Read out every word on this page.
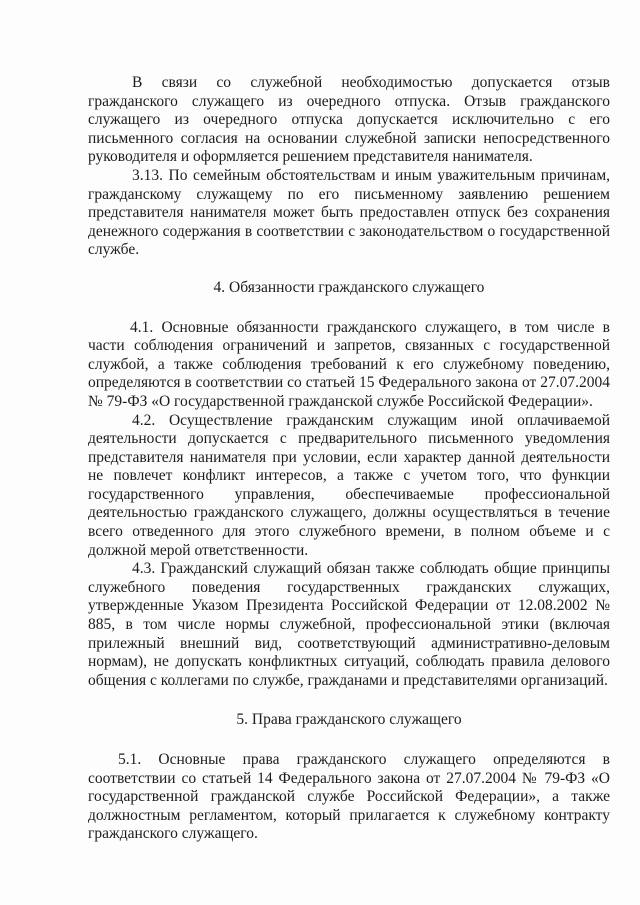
В связи со служебной необходимостью допускается отзыв гражданского служащего из очередного отпуска. Отзыв гражданского служащего из очередного отпуска допускается исключительно с его письменного согласия на основании служебной записки непосредственного руководителя и оформляется решением представителя нанимателя.

3.13. По семейным обстоятельствам и иным уважительным причинам, гражданскому служащему по его письменному заявлению решением представителя нанимателя может быть предоставлен отпуск без сохранения денежного содержания в соответствии с законодательством о государственной службе.

4. Обязанности гражданского служащего

4.1. Основные обязанности гражданского служащего, в том числе в части соблюдения ограничений и запретов, связанных с государственной службой, а также соблюдения требований к его служебному поведению, определяются в соответствии со статьей 15 Федерального закона от 27.07.2004 № 79-ФЗ «О государственной гражданской службе Российской Федерации».

4.2. Осуществление гражданским служащим иной оплачиваемой деятельности допускается с предварительного письменного уведомления представителя нанимателя при условии, если характер данной деятельности не повлечет конфликт интересов, а также с учетом того, что функции государственного управления, обеспечиваемые профессиональной деятельностью гражданского служащего, должны осуществляться в течение всего отведенного для этого служебного времени, в полном объеме и с должной мерой ответственности.

4.3. Гражданский служащий обязан также соблюдать общие принципы служебного поведения государственных гражданских служащих, утвержденные Указом Президента Российской Федерации от 12.08.2002 № 885, в том числе нормы служебной, профессиональной этики (включая прилежный внешний вид, соответствующий административно-деловым нормам), не допускать конфликтных ситуаций, соблюдать правила делового общения с коллегами по службе, гражданами и представителями организаций.

5. Права гражданского служащего

5.1. Основные права гражданского служащего определяются в соответствии со статьей 14 Федерального закона от 27.07.2004 № 79-ФЗ «О государственной гражданской службе Российской Федерации», а также должностным регламентом, который прилагается к служебному контракту гражданского служащего.
